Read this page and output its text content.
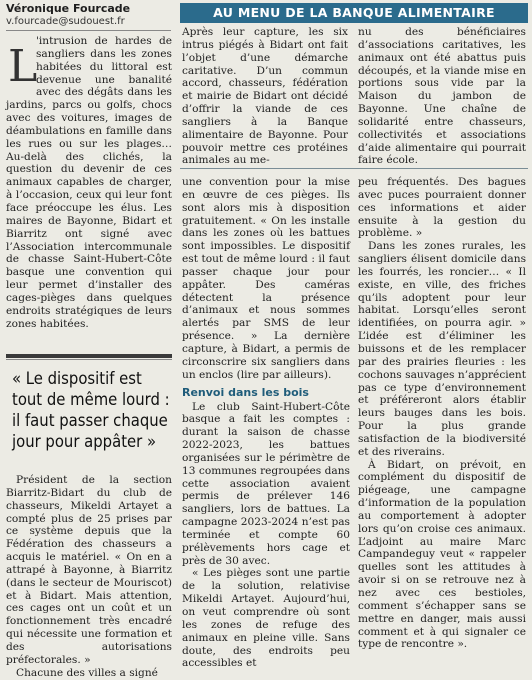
Véronique Fourcade
v.fourcade@sudouest.fr
L

'intrusion de hardes de sangliers dans les zones habitées du littoral est devenue une banalité avec des dégâts dans les jardins, parcs ou golfs, chocs avec des voitures, images de déambulations en famille dans les rues ou sur les plages… Au-delà des clichés, la question du devenir de ces animaux capables de charger, à l’occasion, ceux qui leur font face préoccupe les élus. Les maires de Bayonne, Bidart et Biarritz ont signé avec l’Association intercommunale de chasse Saint-Hubert-Côte basque une convention qui leur permet d’installer des cages-pièges dans quelques endroits stratégiques de leurs zones habitées.

« Le dispositif est tout de même lourd : il faut passer chaque jour pour appâter »

Président de la section Biarritz-Bidart du club de chasseurs, Mikeldi Artayet a compté plus de 25 prises par ce système depuis que la Fédération des chasseurs a acquis le matériel. « On en a attrapé à Bayonne, à Biarritz (dans le secteur de Mouriscot) et à Bidart. Mais attention, ces cages ont un coût et un fonctionnement très encadré qui nécessite une formation et des autorisations préfectorales. »

Chacune des villes a signé

AU MENU DE LA BANQUE ALIMENTAIRE

Après leur capture, les six intrus piégés à Bidart ont fait l’objet d’une démarche caritative. D’un commun accord, chasseurs, fédération et mairie de Bidart ont décidé d’offrir la viande de ces sangliers à la Banque alimentaire de Bayonne. Pour pouvoir mettre ces protéines animales au me-

nu des bénéficiaires d’associations caritatives, les animaux ont été abattus puis découpés, et la viande mise en portions sous vide par la Maison du jambon de Bayonne. Une chaîne de solidarité entre chasseurs, collectivités et associations d’aide alimentaire qui pourrait faire école.

une convention pour la mise en œuvre de ces pièges. Ils sont alors mis à disposition gratuitement. « On les installe dans les zones où les battues sont impossibles. Le dispositif est tout de même lourd : il faut passer chaque jour pour appâter. Des caméras détectent la présence d’animaux et nous sommes alertés par SMS de leur présence. » La dernière capture, à Bidart, a permis de circonscrire six sangliers dans un enclos (lire par ailleurs).

Renvoi dans les bois

Le club Saint-Hubert-Côte basque a fait les comptes : durant la saison de chasse 2022-2023, les battues organisées sur le périmètre de 13 communes regroupées dans cette association avaient permis de prélever 146 sangliers, lors de battues. La campagne 2023-2024 n’est pas terminée et compte 60 prélèvements hors cage et près de 30 avec.

« Les pièges sont une partie de la solution, relativise Mikeldi Artayet. Aujourd’hui, on veut comprendre où sont les zones de refuge des animaux en pleine ville. Sans doute, des endroits peu accessibles et

peu fréquentés. Des bagues avec puces pourraient donner ces informations et aider ensuite à la gestion du problème. »

Dans les zones rurales, les sangliers élisent domicile dans les fourrés, les roncier… « Il existe, en ville, des friches qu’ils adoptent pour leur habitat. Lorsqu’elles seront identifiées, on pourra agir. » L’idée est d’éliminer les buissons et de les remplacer par des prairies fleuries : les cochons sauvages n’apprécient pas ce type d’environnement et préféreront alors établir leurs bauges dans les bois. Pour la plus grande satisfaction de la biodiversité et des riverains.

À Bidart, on prévoit, en complément du dispositif de piégeage, une campagne d’information de la population au comportement à adopter lors qu’on croise ces animaux. L’adjoint au maire Marc Campandeguy veut « rappeler quelles sont les attitudes à avoir si on se retrouve nez à nez avec ces bestioles, comment s’échapper sans se mettre en danger, mais aussi comment et à qui signaler ce type de rencontre ».
